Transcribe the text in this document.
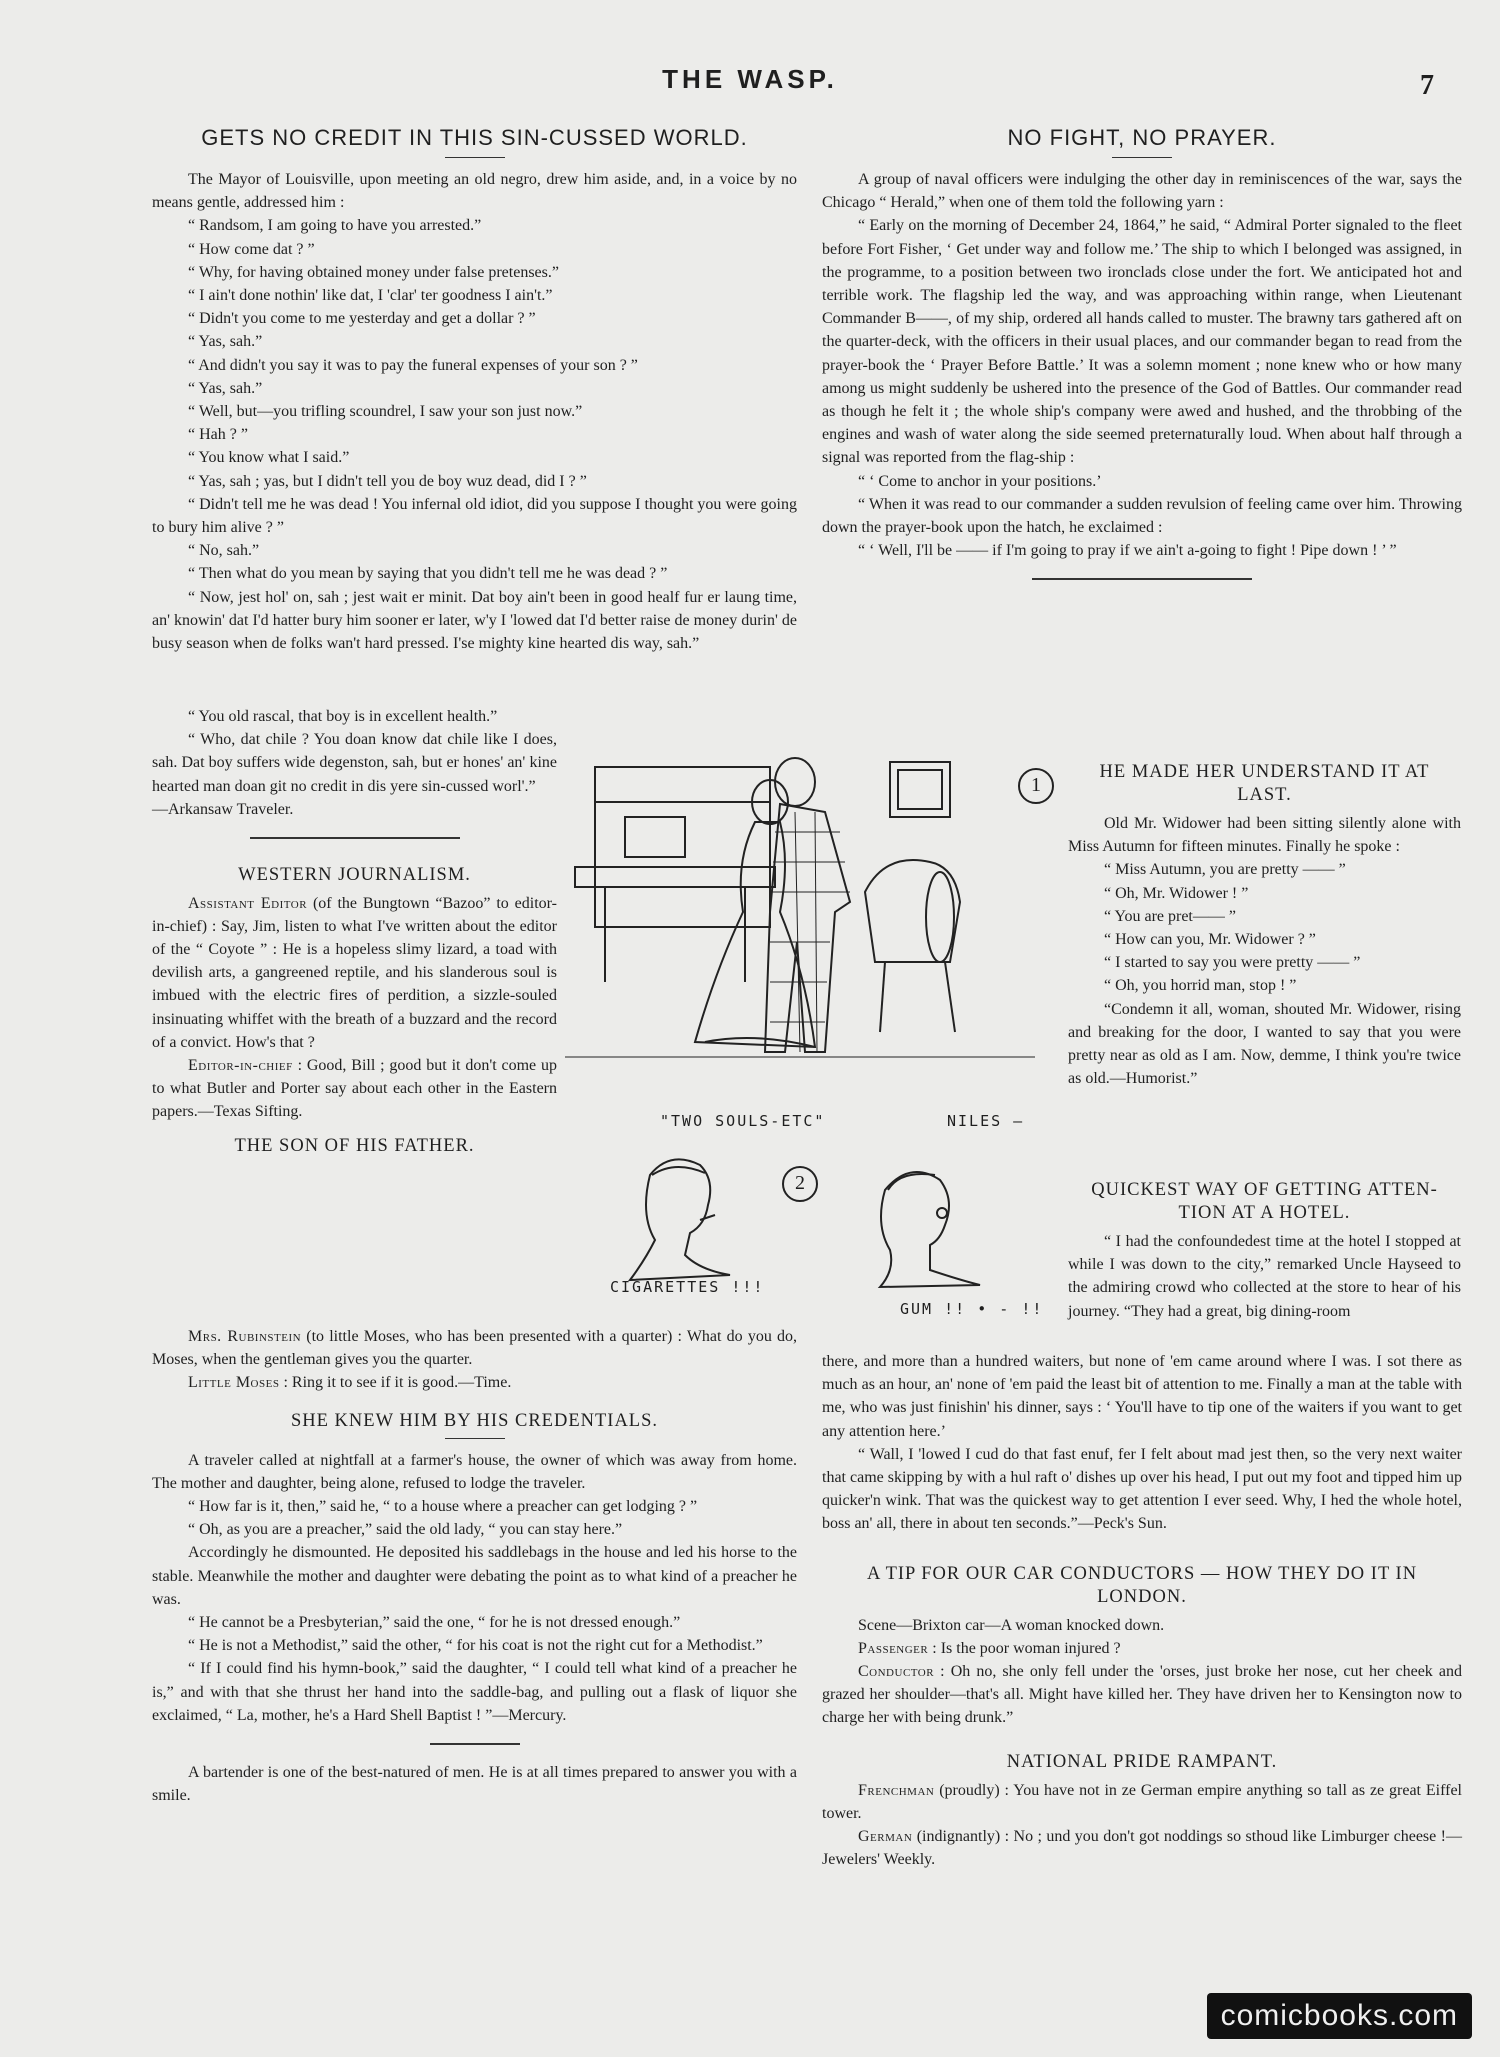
THE WASP.	7
GETS NO CREDIT IN THIS SIN-CUSSED WORLD.

The Mayor of Louisville, upon meeting an old negro, drew him aside, and, in a voice by no means gentle, addressed him :

“ Randsom, I am going to have you arrested.”

“ How come dat ? ”

“ Why, for having obtained money under false pretenses.”

“ I ain't done nothin' like dat, I 'clar' ter goodness I ain't.”

“ Didn't you come to me yesterday and get a dollar ? ”

“ Yas, sah.”

“ And didn't you say it was to pay the funeral expenses of your son ? ”

“ Yas, sah.”

“ Well, but—you trifling scoundrel, I saw your son just now.”

“ Hah ? ”

“ You know what I said.”

“ Yas, sah ; yas, but I didn't tell you de boy wuz dead, did I ? ”

“ Didn't tell me he was dead ! You infernal old idiot, did you suppose I thought you were going to bury him alive ? ”

“ No, sah.”

“ Then what do you mean by saying that you didn't tell me he was dead ? ”

“ Now, jest hol' on, sah ; jest wait er minit. Dat boy ain't been in good healf fur er laung time, an' knowin' dat I'd hatter bury him sooner er later, w'y I 'lowed dat I'd better raise de money durin' de busy season when de folks wan't hard pressed. I'se mighty kine hearted dis way, sah.”

“ You old rascal, that boy is in excellent health.”

“ Who, dat chile ? You doan know dat chile like I does, sah. Dat boy suffers wide degenston, sah, but er hones' an' kine hearted man doan git no credit in dis yere sin-cussed worl'.”

—Arkansaw Traveler.

WESTERN JOURNALISM.

Assistant Editor (of the Bungtown “Bazoo” to editor-in-chief) : Say, Jim, listen to what I've written about the editor of the “ Coyote ” : He is a hopeless slimy lizard, a toad with devilish arts, a gangreened reptile, and his slanderous soul is imbued with the electric fires of perdition, a sizzle-souled insinuating whiffet with the breath of a buzzard and the record of a convict. How's that ?

Editor-in-chief : Good, Bill ; good but it don't come up to what Butler and Porter say about each other in the Eastern papers.—Texas Sifting.

THE SON OF HIS FATHER.

Mrs. Rubinstein (to little Moses, who has been presented with a quarter) : What do you do, Moses, when the gentleman gives you the quarter.

Little Moses : Ring it to see if it is good.—Time.

SHE KNEW HIM BY HIS CREDENTIALS.

A traveler called at nightfall at a farmer's house, the owner of which was away from home. The mother and daughter, being alone, refused to lodge the traveler.

“ How far is it, then,” said he, “ to a house where a preacher can get lodging ? ”

“ Oh, as you are a preacher,” said the old lady, “ you can stay here.”

Accordingly he dismounted. He deposited his saddlebags in the house and led his horse to the stable. Meanwhile the mother and daughter were debating the point as to what kind of a preacher he was.

“ He cannot be a Presbyterian,” said the one, “ for he is not dressed enough.”

“ He is not a Methodist,” said the other, “ for his coat is not the right cut for a Methodist.”

“ If I could find his hymn-book,” said the daughter, “ I could tell what kind of a preacher he is,” and with that she thrust her hand into the saddle-bag, and pulling out a flask of liquor she exclaimed, “ La, mother, he's a Hard Shell Baptist ! ”—Mercury.

A bartender is one of the best-natured of men. He is at all times prepared to answer you with a smile.

NO FIGHT, NO PRAYER.

A group of naval officers were indulging the other day in reminiscences of the war, says the Chicago “ Herald,” when one of them told the following yarn :

“ Early on the morning of December 24, 1864,” he said, “ Admiral Porter signaled to the fleet before Fort Fisher, ‘ Get under way and follow me.’ The ship to which I belonged was assigned, in the programme, to a position between two ironclads close under the fort. We anticipated hot and terrible work. The flagship led the way, and was approaching within range, when Lieutenant Commander B——, of my ship, ordered all hands called to muster. The brawny tars gathered aft on the quarter-deck, with the officers in their usual places, and our commander began to read from the prayer-book the ‘ Prayer Before Battle.’ It was a solemn moment ; none knew who or how many among us might suddenly be ushered into the presence of the God of Battles. Our commander read as though he felt it ; the whole ship's company were awed and hushed, and the throbbing of the engines and wash of water along the side seemed preternaturally loud. When about half through a signal was reported from the flag-ship :

“ ‘ Come to anchor in your positions.’

“ When it was read to our commander a sudden revulsion of feeling came over him. Throwing down the prayer-book upon the hatch, he exclaimed :

“ ‘ Well, I'll be —— if I'm going to pray if we ain't a-going to fight ! Pipe down ! ’ ”

HE MADE HER UNDERSTAND IT AT
LAST.

Old Mr. Widower had been sitting silently alone with Miss Autumn for fifteen minutes. Finally he spoke :

“ Miss Autumn, you are pretty —— ”

“ Oh, Mr. Widower ! ”

“ You are pret—— ”

“ How can you, Mr. Widower ? ”

“ I started to say you were pretty —— ”

“ Oh, you horrid man, stop ! ”

“Condemn it all, woman, shouted Mr. Widower, rising and breaking for the door, I wanted to say that you were pretty near as old as I am. Now, demme, I think you're twice as old.—Humorist.”

QUICKEST WAY OF GETTING ATTEN-
TION AT A HOTEL.

“ I had the confoundedest time at the hotel I stopped at while I was down to the city,” remarked Uncle Hayseed to the admiring crowd who collected at the store to hear of his journey. “They had a great, big dining-room

there, and more than a hundred waiters, but none of 'em came around where I was. I sot there as much as an hour, an' none of 'em paid the least bit of attention to me. Finally a man at the table with me, who was just finishin' his dinner, says : ‘ You'll have to tip one of the waiters if you want to get any attention here.’

“ Wall, I 'lowed I cud do that fast enuf, fer I felt about mad jest then, so the very next waiter that came skipping by with a hul raft o' dishes up over his head, I put out my foot and tipped him up quicker'n wink. That was the quickest way to get attention I ever seed. Why, I hed the whole hotel, boss an' all, there in about ten seconds.”—Peck's Sun.

A TIP FOR OUR CAR CONDUCTORS — HOW THEY DO IT IN
LONDON.

Scene—Brixton car—A woman knocked down.

Passenger : Is the poor woman injured ?

Conductor : Oh no, she only fell under the 'orses, just broke her nose, cut her cheek and grazed her shoulder—that's all. Might have killed her. They have driven her to Kensington now to charge her with being drunk.”

NATIONAL PRIDE RAMPANT.

Frenchman (proudly) : You have not in ze German empire anything so tall as ze great Eiffel tower.

German (indignantly) : No ; und you don't got noddings so sthoud like Limburger cheese !—Jewelers' Weekly.

"TWO SOULS-ETC"	NILES —
1
2
CIGARETTES !!!
GUM !! • - !!
comicbooks.com
